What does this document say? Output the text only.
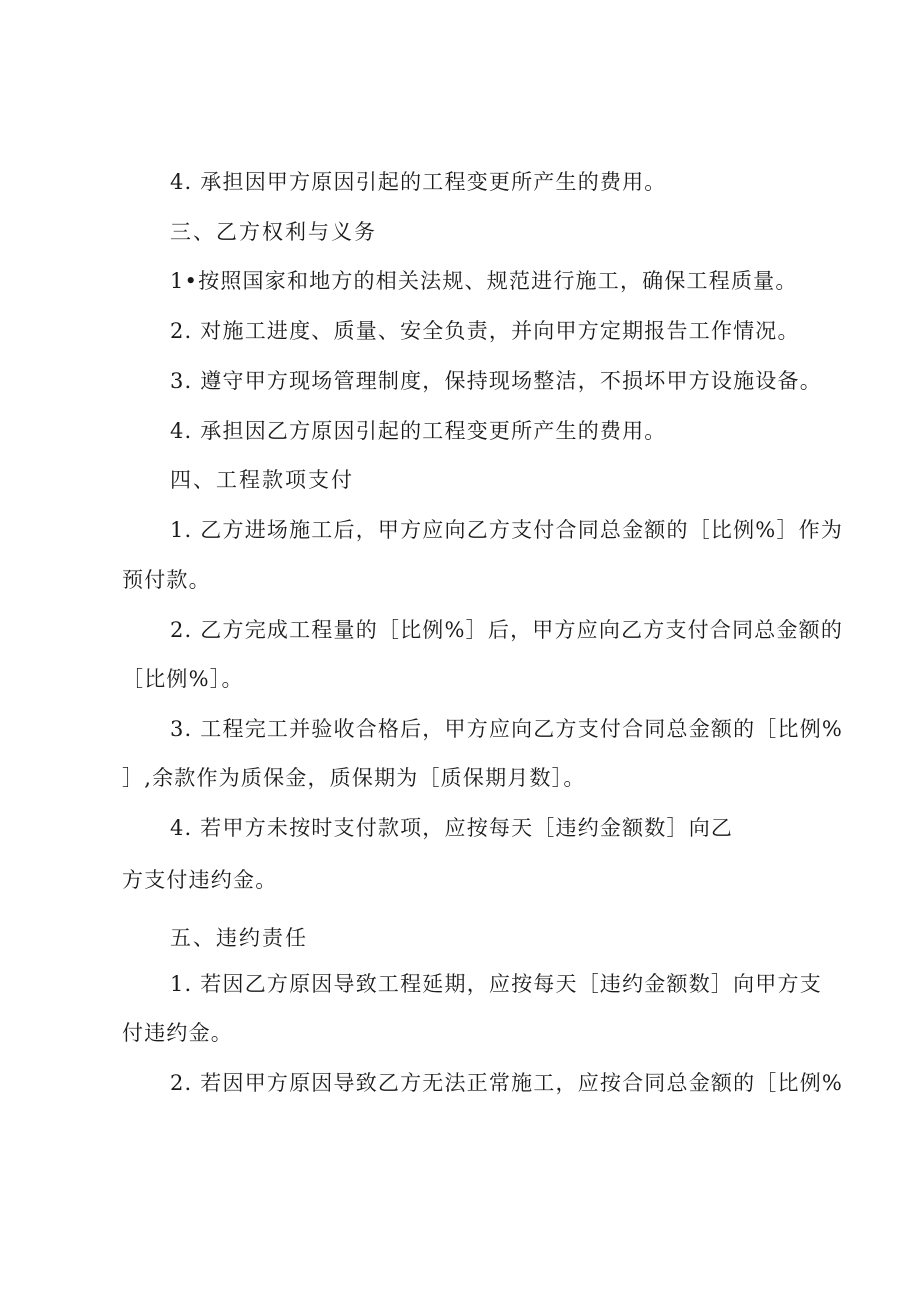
4. 承担因甲方原因引起的工程变更所产生的费用。
三、乙方权利与义务
1•按照国家和地方的相关法规、规范进行施工，确保工程质量。
2. 对施工进度、质量、安全负责，并向甲方定期报告工作情况。
3. 遵守甲方现场管理制度，保持现场整洁，不损坏甲方设施设备。
4. 承担因乙方原因引起的工程变更所产生的费用。
四、工程款项支付
1. 乙方进场施工后，甲方应向乙方支付合同总金额的［比例%］作为
预付款。
2. 乙方完成工程量的［比例%］后，甲方应向乙方支付合同总金额的
［比例%］。
3. 工程完工并验收合格后，甲方应向乙方支付合同总金额的［比例%
］,余款作为质保金，质保期为［质保期月数］。
4. 若甲方未按时支付款项，应按每天［违约金额数］向乙
方支付违约金。
五、违约责任
1. 若因乙方原因导致工程延期，应按每天［违约金额数］向甲方支
付违约金。
2. 若因甲方原因导致乙方无法正常施工，应按合同总金额的［比例%
